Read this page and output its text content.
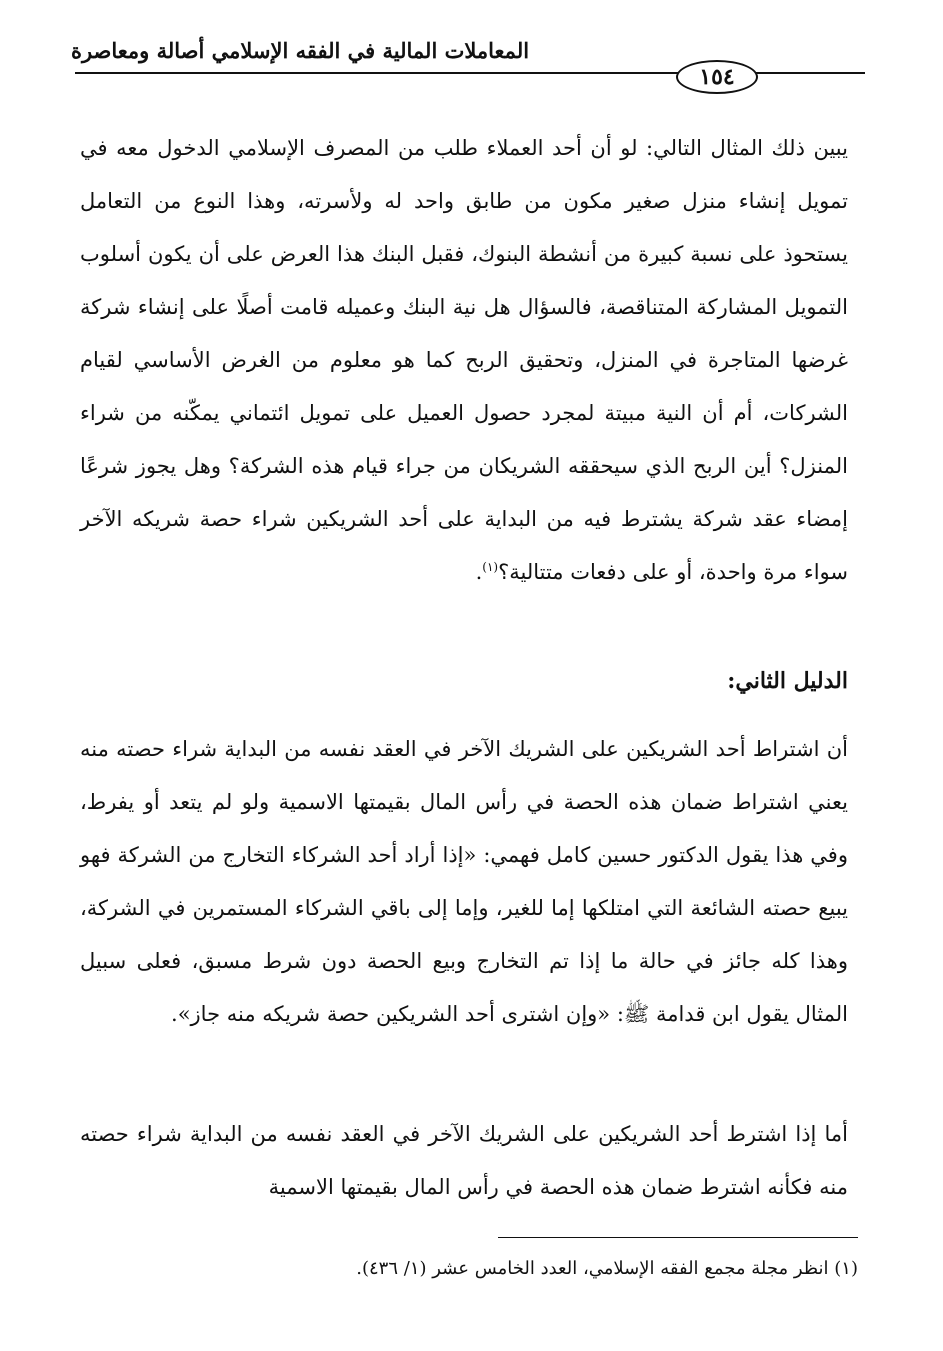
المعاملات المالية في الفقه الإسلامي أصالة ومعاصرة
١٥٤
يبين ذلك المثال التالي: لو أن أحد العملاء طلب من المصرف الإسلامي الدخول معه في تمويل إنشاء منزل صغير مكون من طابق واحد له ولأسرته، وهذا النوع من التعامل يستحوذ على نسبة كبيرة من أنشطة البنوك، فقبل البنك هذا العرض على أن يكون أسلوب التمويل المشاركة المتناقصة، فالسؤال هل نية البنك وعميله قامت أصلًا على إنشاء شركة غرضها المتاجرة في المنزل، وتحقيق الربح كما هو معلوم من الغرض الأساسي لقيام الشركات، أم أن النية مبيتة لمجرد حصول العميل على تمويل ائتماني يمكّنه من شراء المنزل؟ أين الربح الذي سيحققه الشريكان من جراء قيام هذه الشركة؟ وهل يجوز شرعًا إمضاء عقد شركة يشترط فيه من البداية على أحد الشريكين شراء حصة شريكه الآخر سواء مرة واحدة، أو على دفعات متتالية؟$^{(١)}$.
الدليل الثاني:
أن اشتراط أحد الشريكين على الشريك الآخر في العقد نفسه من البداية شراء حصته منه يعني اشتراط ضمان هذه الحصة في رأس المال بقيمتها الاسمية ولو لم يتعد أو يفرط، وفي هذا يقول الدكتور حسين كامل فهمي: «إذا أراد أحد الشركاء التخارج من الشركة فهو يبيع حصته الشائعة التي امتلكها إما للغير، وإما إلى باقي الشركاء المستمرين في الشركة، وهذا كله جائز في حالة ما إذا تم التخارج وبيع الحصة دون شرط مسبق، فعلى سبيل المثال يقول ابن قدامة ﷺ: «وإن اشترى أحد الشريكين حصة شريكه منه جاز».
أما إذا اشترط أحد الشريكين على الشريك الآخر في العقد نفسه من البداية شراء حصته منه فكأنه اشترط ضمان هذه الحصة في رأس المال بقيمتها الاسمية
(١) انظر مجلة مجمع الفقه الإسلامي، العدد الخامس عشر (١/ ٤٣٦).
